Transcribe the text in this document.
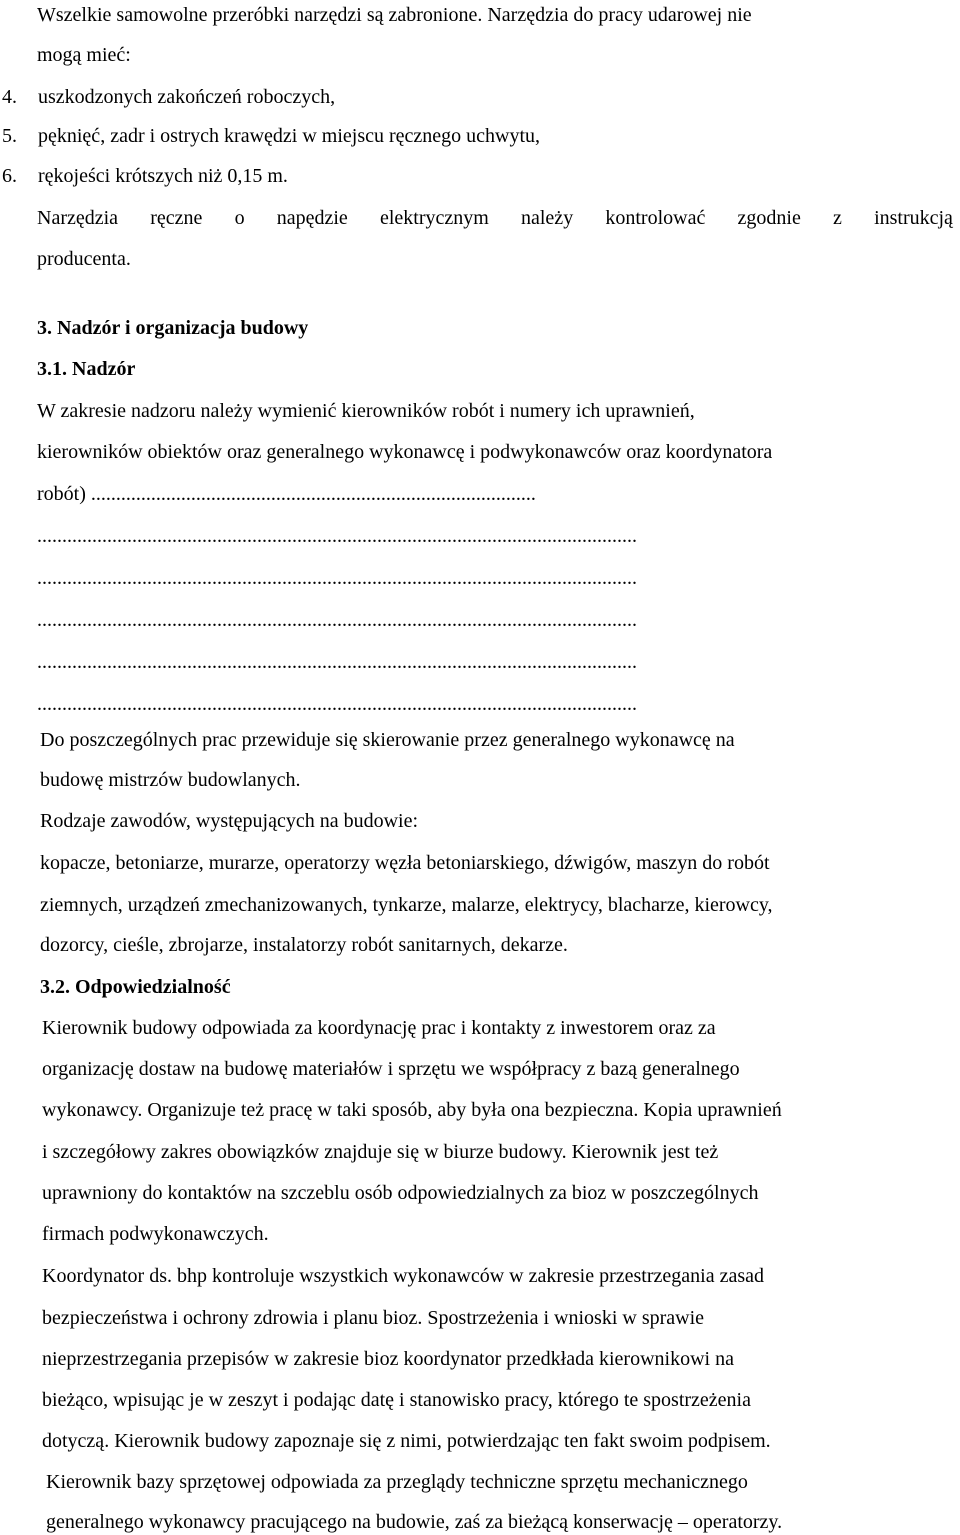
Wszelkie samowolne przeróbki narzędzi są zabronione. Narzędzia do pracy udarowej nie
mogą mieć:
4. uszkodzonych zakończeń roboczych,
5. pęknięć, zadr i ostrych krawędzi w miejscu ręcznego uchwytu,
6. rękojeści krótszych niż 0,15 m.
Narzędzia ręczne o napędzie elektrycznym należy kontrolować zgodnie z instrukcją
producenta.
3. Nadzór i organizacja budowy
3.1. Nadzór
W zakresie nadzoru należy wymienić kierowników robót i numery ich uprawnień,
kierowników obiektów oraz generalnego wykonawcę i podwykonawców oraz koordynatora
robót) .........................................................................................
........................................................................................................................
........................................................................................................................
........................................................................................................................
........................................................................................................................
........................................................................................................................
Do poszczególnych prac przewiduje się skierowanie przez generalnego wykonawcę na
budowę mistrzów budowlanych.
Rodzaje zawodów, występujących na budowie:
kopacze, betoniarze, murarze, operatorzy węzła betoniarskiego, dźwigów, maszyn do robót
ziemnych, urządzeń zmechanizowanych, tynkarze, malarze, elektrycy, blacharze, kierowcy,
dozorcy, cieśle, zbrojarze, instalatorzy robót sanitarnych, dekarze.
3.2. Odpowiedzialność
Kierownik budowy odpowiada za koordynację prac i kontakty z inwestorem oraz za
organizację dostaw na budowę materiałów i sprzętu we współpracy z bazą generalnego
wykonawcy. Organizuje też pracę w taki sposób, aby była ona bezpieczna. Kopia uprawnień
i szczegółowy zakres obowiązków znajduje się w biurze budowy. Kierownik jest też
uprawniony do kontaktów na szczeblu osób odpowiedzialnych za bioz w poszczególnych
firmach podwykonawczych.
Koordynator ds. bhp kontroluje wszystkich wykonawców w zakresie przestrzegania zasad
bezpieczeństwa i ochrony zdrowia i planu bioz. Spostrzeżenia i wnioski w sprawie
nieprzestrzegania przepisów w zakresie bioz koordynator przedkłada kierownikowi na
bieżąco, wpisując je w zeszyt i podając datę i stanowisko pracy, którego te spostrzeżenia
dotyczą. Kierownik budowy zapoznaje się z nimi, potwierdzając ten fakt swoim podpisem.
Kierownik bazy sprzętowej odpowiada za przeglądy techniczne sprzętu mechanicznego
generalnego wykonawcy pracującego na budowie, zaś za bieżącą konserwację – operatorzy.
